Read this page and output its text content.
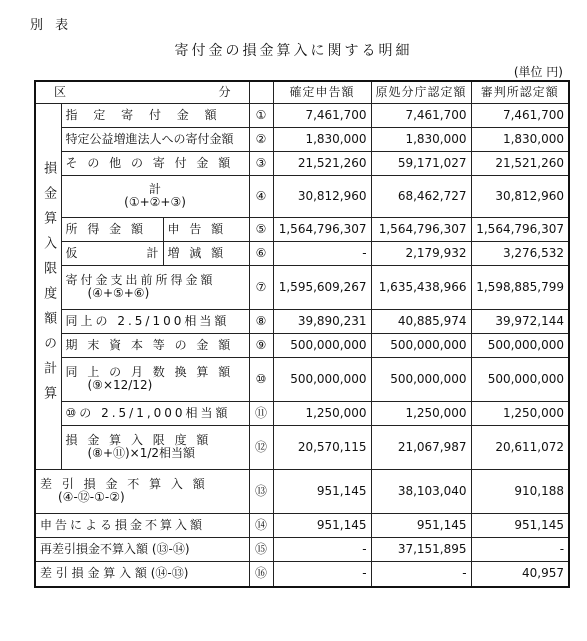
別 表
寄付金の損金算入に関する明細
(単位 円)
区 分				確定申告額	原処分庁認定額	審判所認定額

損金算入限度額の計算	指 定 寄 付 金 額		①	7,461,700	7,461,700	7,461,700
	特定公益増進法人への寄付金額		②	1,830,000	1,830,000	1,830,000
	そ の 他 の 寄 付 金 額		③	21,521,260	59,171,027	21,521,260

	計
(①+②+③)		④	30,812,960	68,462,727	30,812,960
	所 得 金 額	申 告 額	⑤	1,564,796,307	1,564,796,307	1,564,796,307

	仮 計	増 減 額	⑥	-	2,179,932	3,276,532

	寄付金支出前所得金額
(④+⑤+⑥)		⑦	1,595,609,267	1,635,438,966	1,598,885,799
	同上の 2.5/100相当額		⑧	39,890,231	40,885,974	39,972,144
	期 末 資 本 等 の 金 額		⑨	500,000,000	500,000,000	500,000,000

	同 上 の 月 数 換 算 額
(⑨×12/12)		⑩	500,000,000	500,000,000	500,000,000
	⑩の 2.5/1,000相当額		⑪	1,250,000	1,250,000	1,250,000

	損 金 算 入 限 度 額
(⑧+⑪)×1/2相当額		⑫	20,570,115	21,067,987	20,611,072

差 引 損 金 不 算 入 額
(④-⑫-①-②)			⑬	951,145	38,103,040	910,188
申告による損金不算入額			⑭	951,145	951,145	951,145
再差引損金不算入額 (⑬-⑭)			⑮	-	37,151,895	-
差 引 損 金 算 入 額 (⑭-⑬)			⑯	-	-	40,957
